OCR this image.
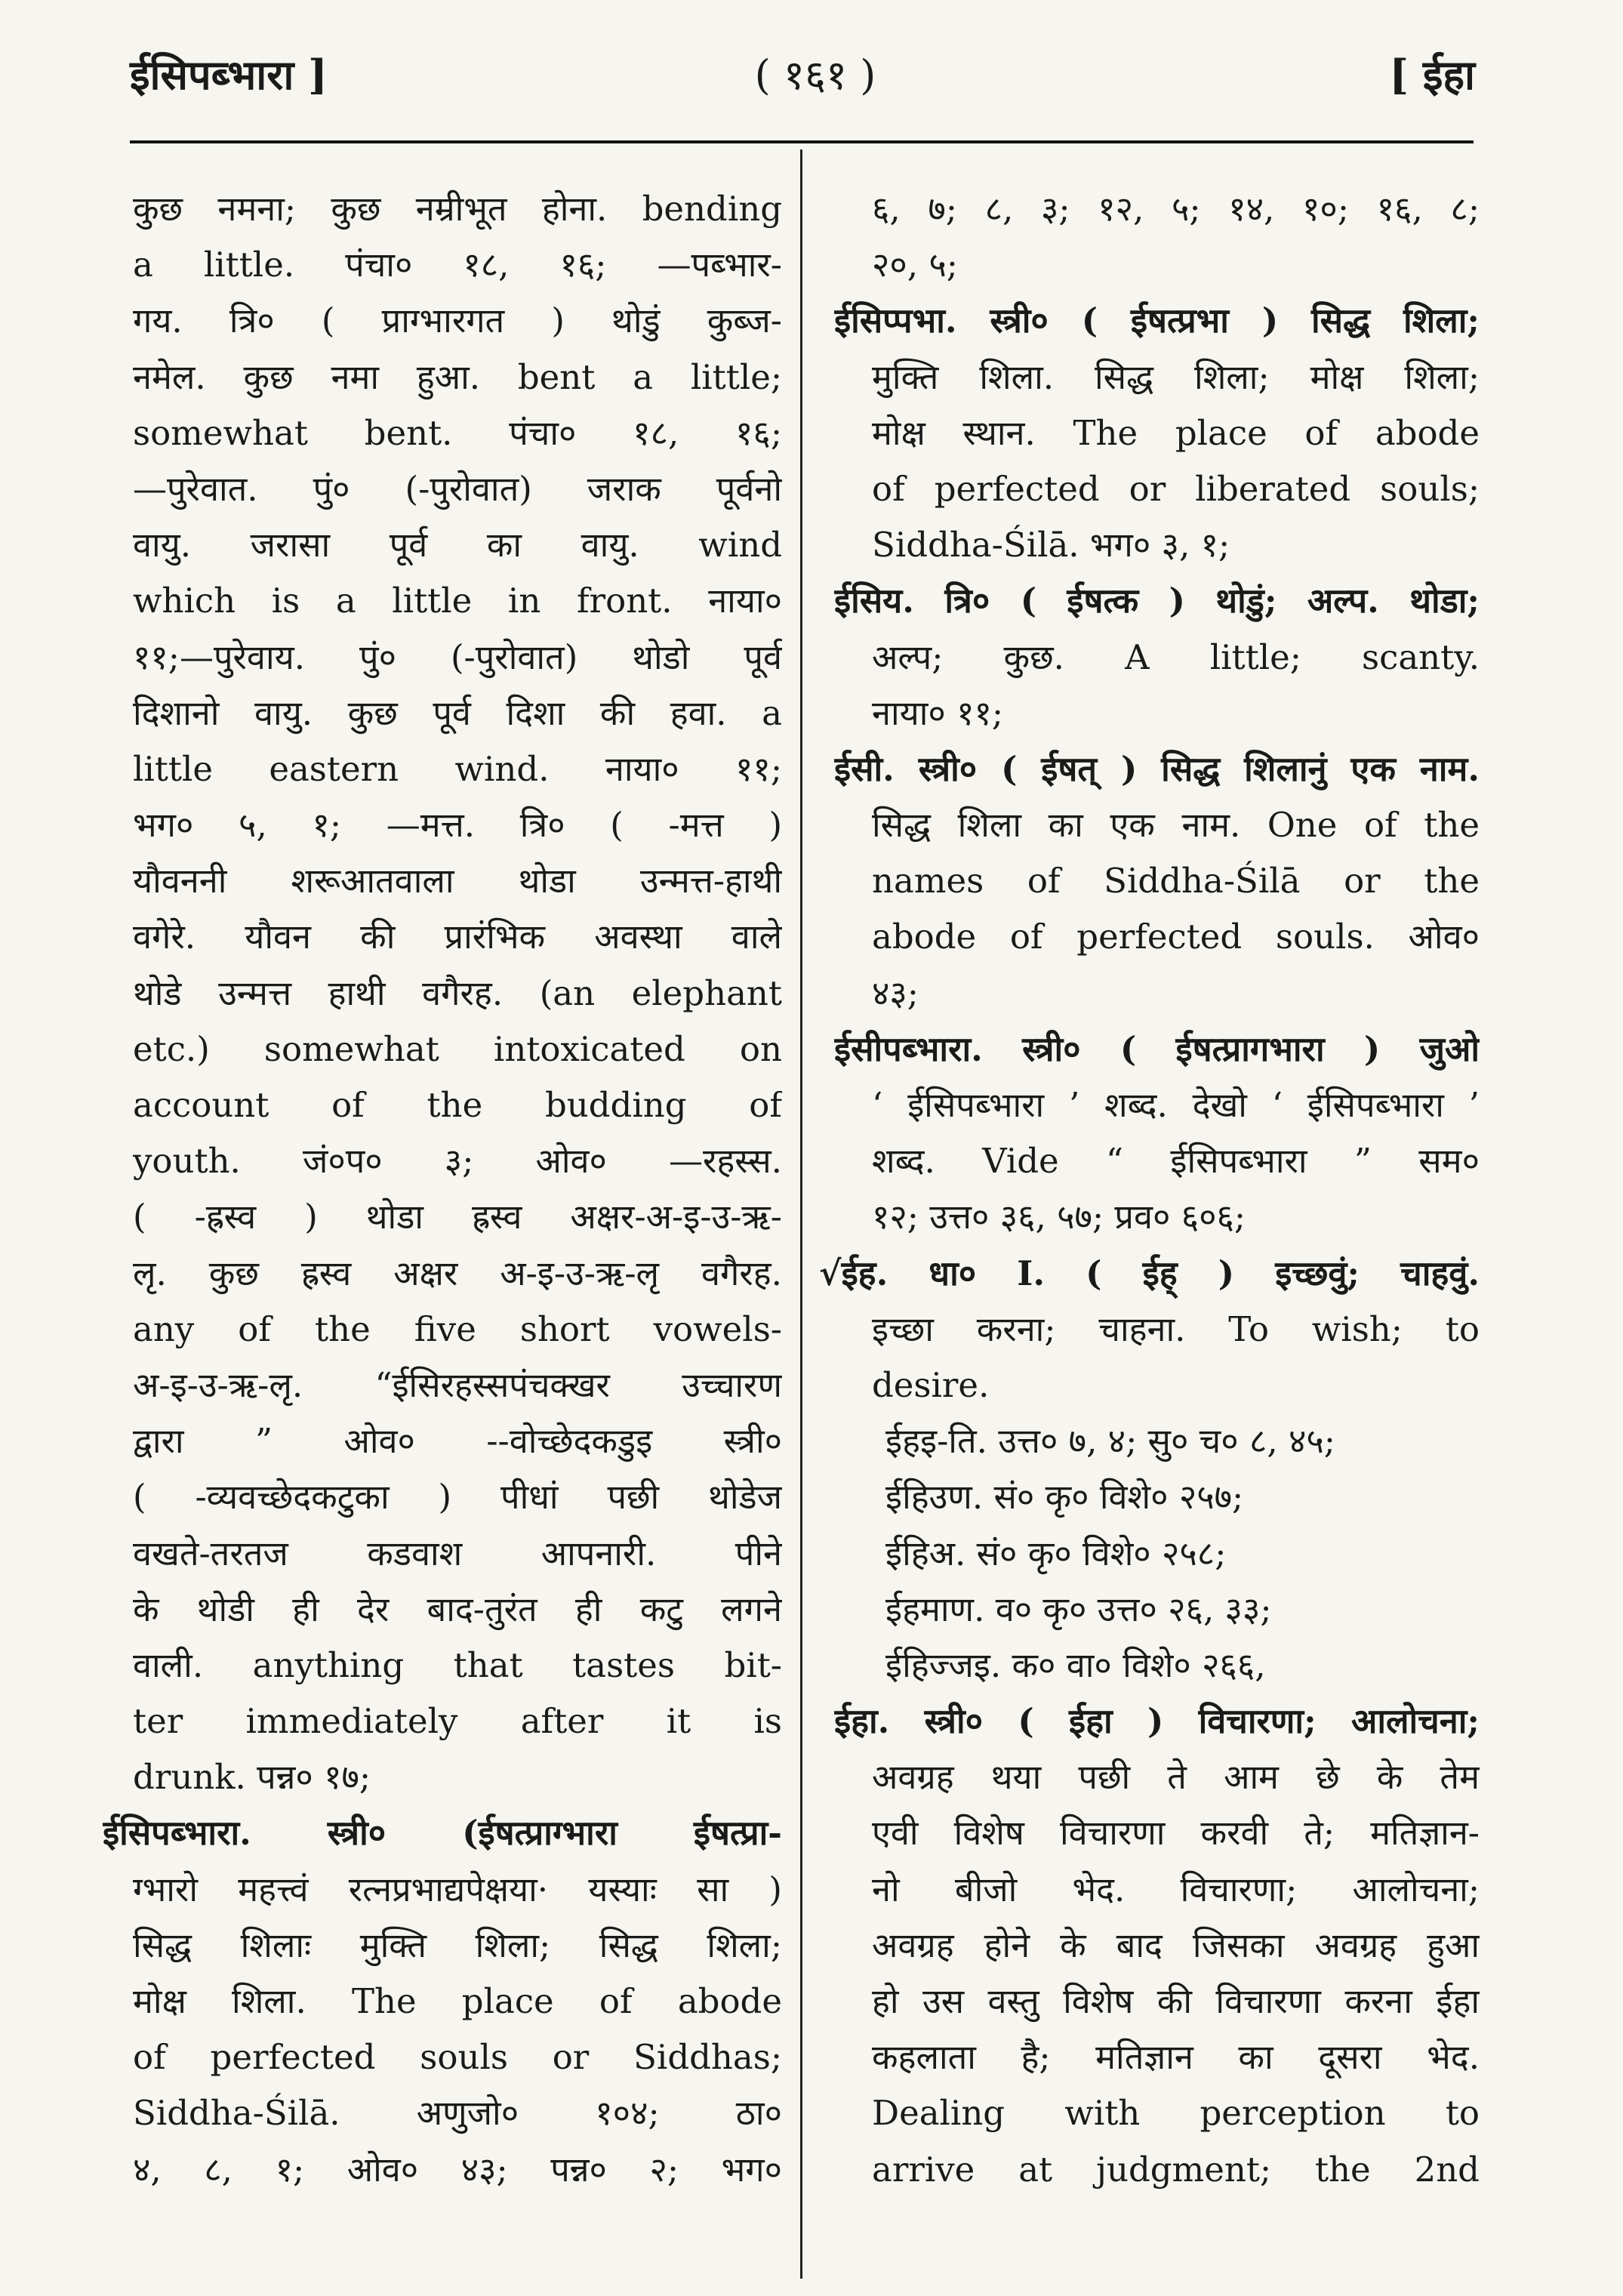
ईसिपब्भारा ]	( १६१ )	[ ईहा
कुछ नमना; कुछ नम्रीभूत होना. bending
a little. पंचा० १८, १६; —पब्भार-
गय. त्रि० ( प्राग्भारगत ) थोडुं कुब्ज-
नमेल. कुछ नमा हुआ. bent a little;
somewhat bent. पंचा० १८, १६;
—पुरेवात. पुं० (-पुरोवात) जराक पूर्वनो
वायु. जरासा पूर्व का वायु. wind
which is a little in front. नाया०
११;—पुरेवाय. पुं० (-पुरोवात) थोडो पूर्व
दिशानो वायु. कुछ पूर्व दिशा की हवा. a
little eastern wind. नाया० ११;
भग० ५, १; —मत्त. त्रि० ( -मत्त )
यौवननी शरूआतवाला थोडा उन्मत्त-हाथी
वगेरे. यौवन की प्रारंभिक अवस्था वाले
थोडे उन्मत्त हाथी वगैरह. (an elephant
etc.) somewhat intoxicated on
account of the budding of
youth. जं०प० ३; ओव० —रहस्स.
( -ह्रस्व ) थोडा ह्रस्व अक्षर-अ-इ-उ-ऋ-
लृ. कुछ ह्रस्व अक्षर अ-इ-उ-ऋ-लृ वगैरह.
any of the five short vowels-
अ-इ-उ-ऋ-लृ. “ईसिरहस्सपंचक्खर उच्चारण
द्वारा ” ओव० --वोच्छेदकडुइ स्त्री०
( -व्यवच्छेदकटुका ) पीधां पछी थोडेज
वखते-तरतज कडवाश आपनारी. पीने
के थोडी ही देर बाद-तुरंत ही कटु लगने
वाली. anything that tastes bit-
ter immediately after it is
drunk. पन्न० १७;
ईसिपब्भारा. स्त्री० (ईषत्प्राग्भारा ईषत्प्रा-
ग्भारो महत्त्वं रत्नप्रभाद्यपेक्षया· यस्याः सा )
सिद्ध शिलाः मुक्ति शिला; सिद्ध शिला;
मोक्ष शिला. The place of abode
of perfected souls or Siddhas;
Siddha-Śilā. अणुजो० १०४; ठा०
४, ८, १; ओव० ४३; पन्न० २; भग०
६, ७; ८, ३; १२, ५; १४, १०; १६, ८;
२०, ५;
ईसिप्पभा. स्त्री० ( ईषत्प्रभा ) सिद्ध शिला;
मुक्ति शिला. सिद्ध शिला; मोक्ष शिला;
मोक्ष स्थान. The place of abode
of perfected or liberated souls;
Siddha-Śilā. भग० ३, १;
ईसिय. त्रि० ( ईषत्क ) थोडुं; अल्प. थोडा;
अल्प; कुछ. A little; scanty.
नाया० ११;
ईसी. स्त्री० ( ईषत् ) सिद्ध शिलानुं एक नाम.
सिद्ध शिला का एक नाम. One of the
names of Siddha-Śilā or the
abode of perfected souls. ओव०
४३;
ईसीपब्भारा. स्त्री० ( ईषत्प्रागभारा ) जुओ
‘ ईसिपब्भारा ’ शब्द. देखो ‘ ईसिपब्भारा ’
शब्द. Vide “ ईसिपब्भारा ” सम०
१२; उत्त० ३६, ५७; प्रव० ६०६;
√ईह. धा० I. ( ईह् ) इच्छवुं; चाहवुं.
इच्छा करना; चाहना. To wish; to
desire.
ईहइ-ति. उत्त० ७, ४; सु० च० ८, ४५;
ईहिउण. सं० कृ० विशे० २५७;
ईहिअ. सं० कृ० विशे० २५८;
ईहमाण. व० कृ० उत्त० २६, ३३;
ईहिज्जइ. क० वा० विशे० २६६,
ईहा. स्त्री० ( ईहा ) विचारणा; आलोचना;
अवग्रह थया पछी ते आम छे के तेम
एवी विशेष विचारणा करवी ते; मतिज्ञान-
नो बीजो भेद. विचारणा; आलोचना;
अवग्रह होने के बाद जिसका अवग्रह हुआ
हो उस वस्तु विशेष की विचारणा करना ईहा
कहलाता है; मतिज्ञान का दूसरा भेद.
Dealing with perception to
arrive at judgment; the 2nd
